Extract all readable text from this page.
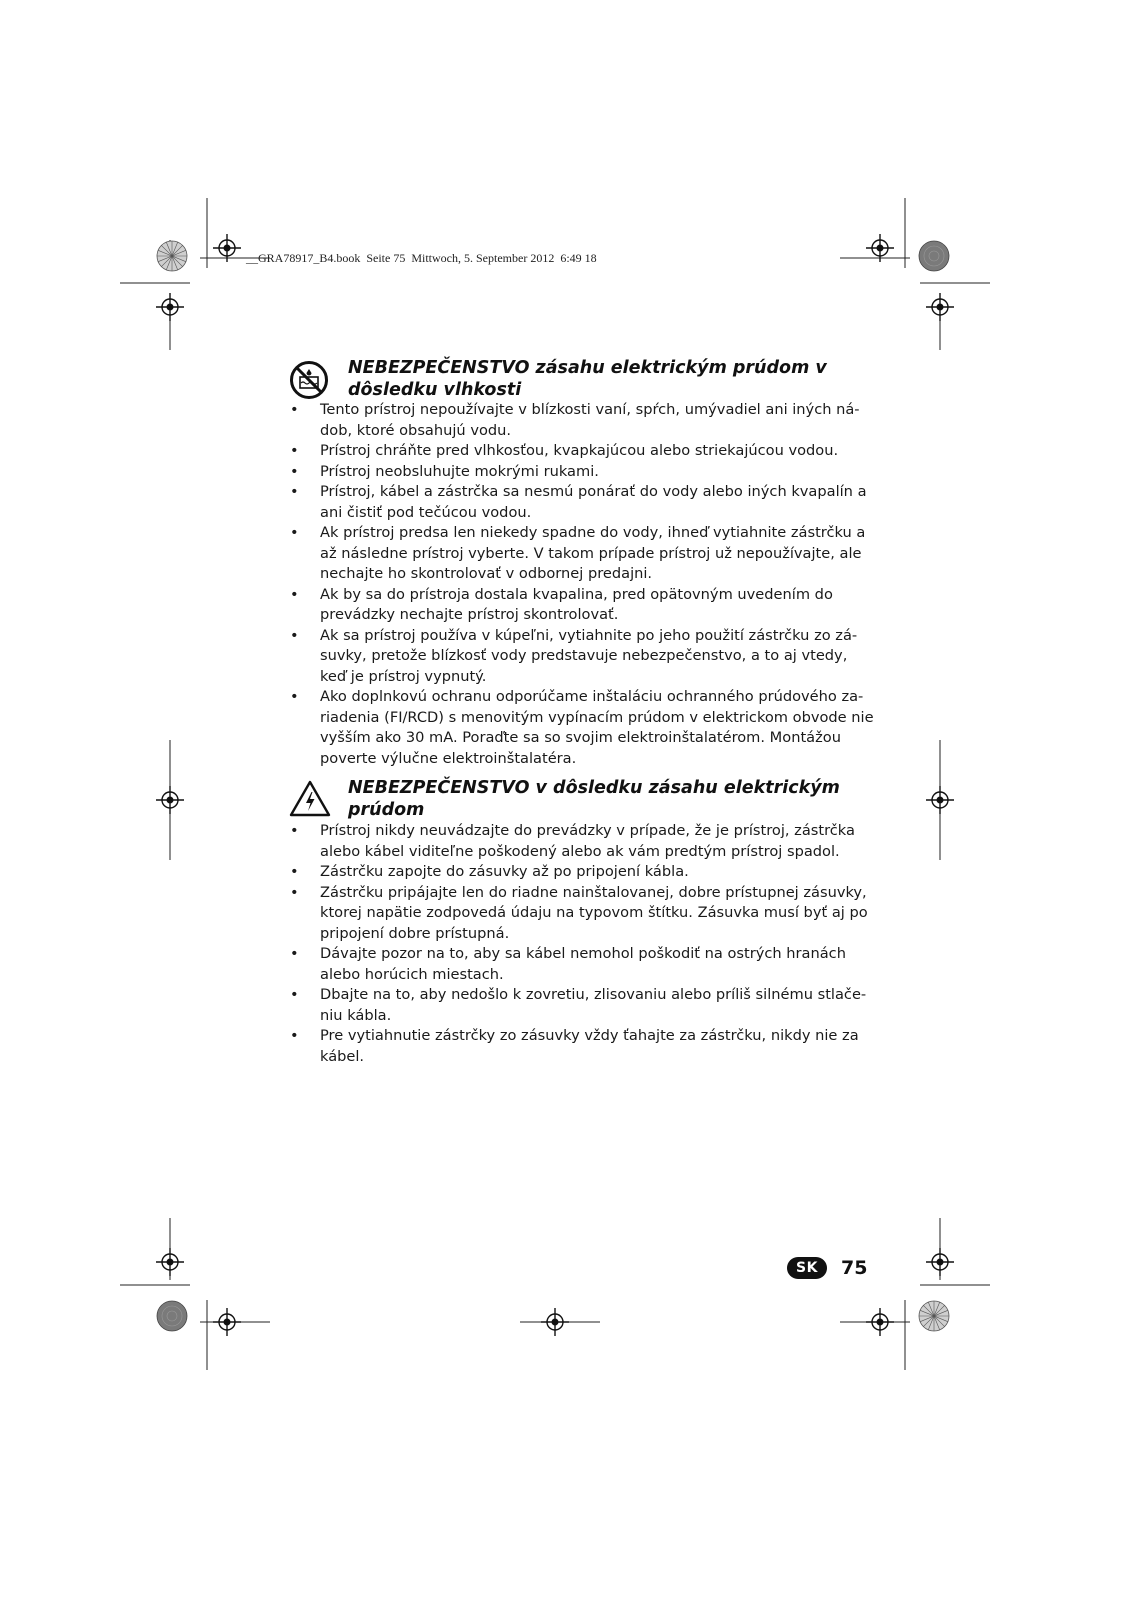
__GRA78917_B4.book  Seite 75  Mittwoch, 5. September 2012  6:49 18
NEBEZPEČENSTVO zásahu elektrickým prúdom v dôsledku vlhkosti
• Tento prístroj nepoužívajte v blízkosti vaní, spŕch, umývadiel ani iných ná-dob, ktoré obsahujú vodu.
• Prístroj chráňte pred vlhkosťou, kvapkajúcou alebo striekajúcou vodou.
• Prístroj neobsluhujte mokrými rukami.
• Prístroj, kábel a zástrčka sa nesmú ponárať do vody alebo iných kvapalín a ani čistiť pod tečúcou vodou.
• Ak prístroj predsa len niekedy spadne do vody, ihneď vytiahnite zástrčku a až následne prístroj vyberte. V takom prípade prístroj už nepoužívajte, ale nechajte ho skontrolovať v odbornej predajni.
• Ak by sa do prístroja dostala kvapalina, pred opätovným uvedením do prevádzky nechajte prístroj skontrolovať.
• Ak sa prístroj používa v kúpeľni, vytiahnite po jeho použití zástrčku zo zá-suvky, pretože blízkosť vody predstavuje nebezpečenstvo, a to aj vtedy, keď je prístroj vypnutý.
• Ako doplnkovú ochranu odporúčame inštaláciu ochranného prúdového za-riadenia (FI/RCD) s menovitým vypínacím prúdom v elektrickom obvode nie vyšším ako 30 mA. Poraďte sa so svojim elektroinštalatérom. Montážou poverte výlučne elektroinštalatéra.
NEBEZPEČENSTVO v dôsledku zásahu elektrickým prúdom
• Prístroj nikdy neuvádzajte do prevádzky v prípade, že je prístroj, zástrčka alebo kábel viditeľne poškodený alebo ak vám predtým prístroj spadol.
• Zástrčku zapojte do zásuvky až po pripojení kábla.
• Zástrčku pripájajte len do riadne nainštalovanej, dobre prístupnej zásuvky, ktorej napätie zodpovedá údaju na typovom štítku. Zásuvka musí byť aj po pripojení dobre prístupná.
• Dávajte pozor na to, aby sa kábel nemohol poškodiť na ostrých hranách alebo horúcich miestach.
• Dbajte na to, aby nedošlo k zovretiu, zlisovaniu alebo príliš silnému stlače-niu kábla.
• Pre vytiahnutie zástrčky zo zásuvky vždy ťahajte za zástrčku, nikdy nie za kábel.
SK	75
